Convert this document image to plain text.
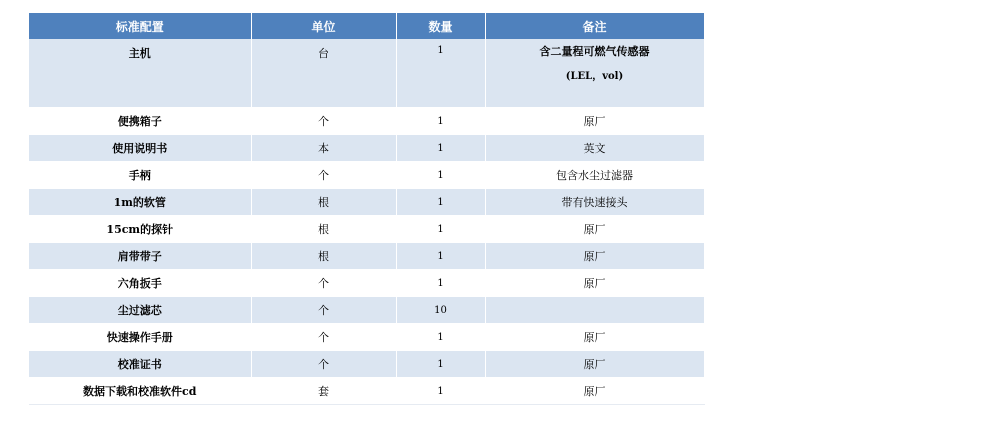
标准配置	单位	数量	备注
主机	台	1	含二量程可燃气传感器
(LEL，vol)

便携箱子	个	1	原厂
使用说明书	本	1	英文
手柄	个	1	包含水尘过滤器
1m的软管	根	1	带有快速接头
15cm的探针	根	1	原厂
肩带带子	根	1	原厂
六角扳手	个	1	原厂
尘过滤芯	个	10	
快速操作手册	个	1	原厂
校准证书	个	1	原厂
数据下载和校准软件cd	套	1	原厂
